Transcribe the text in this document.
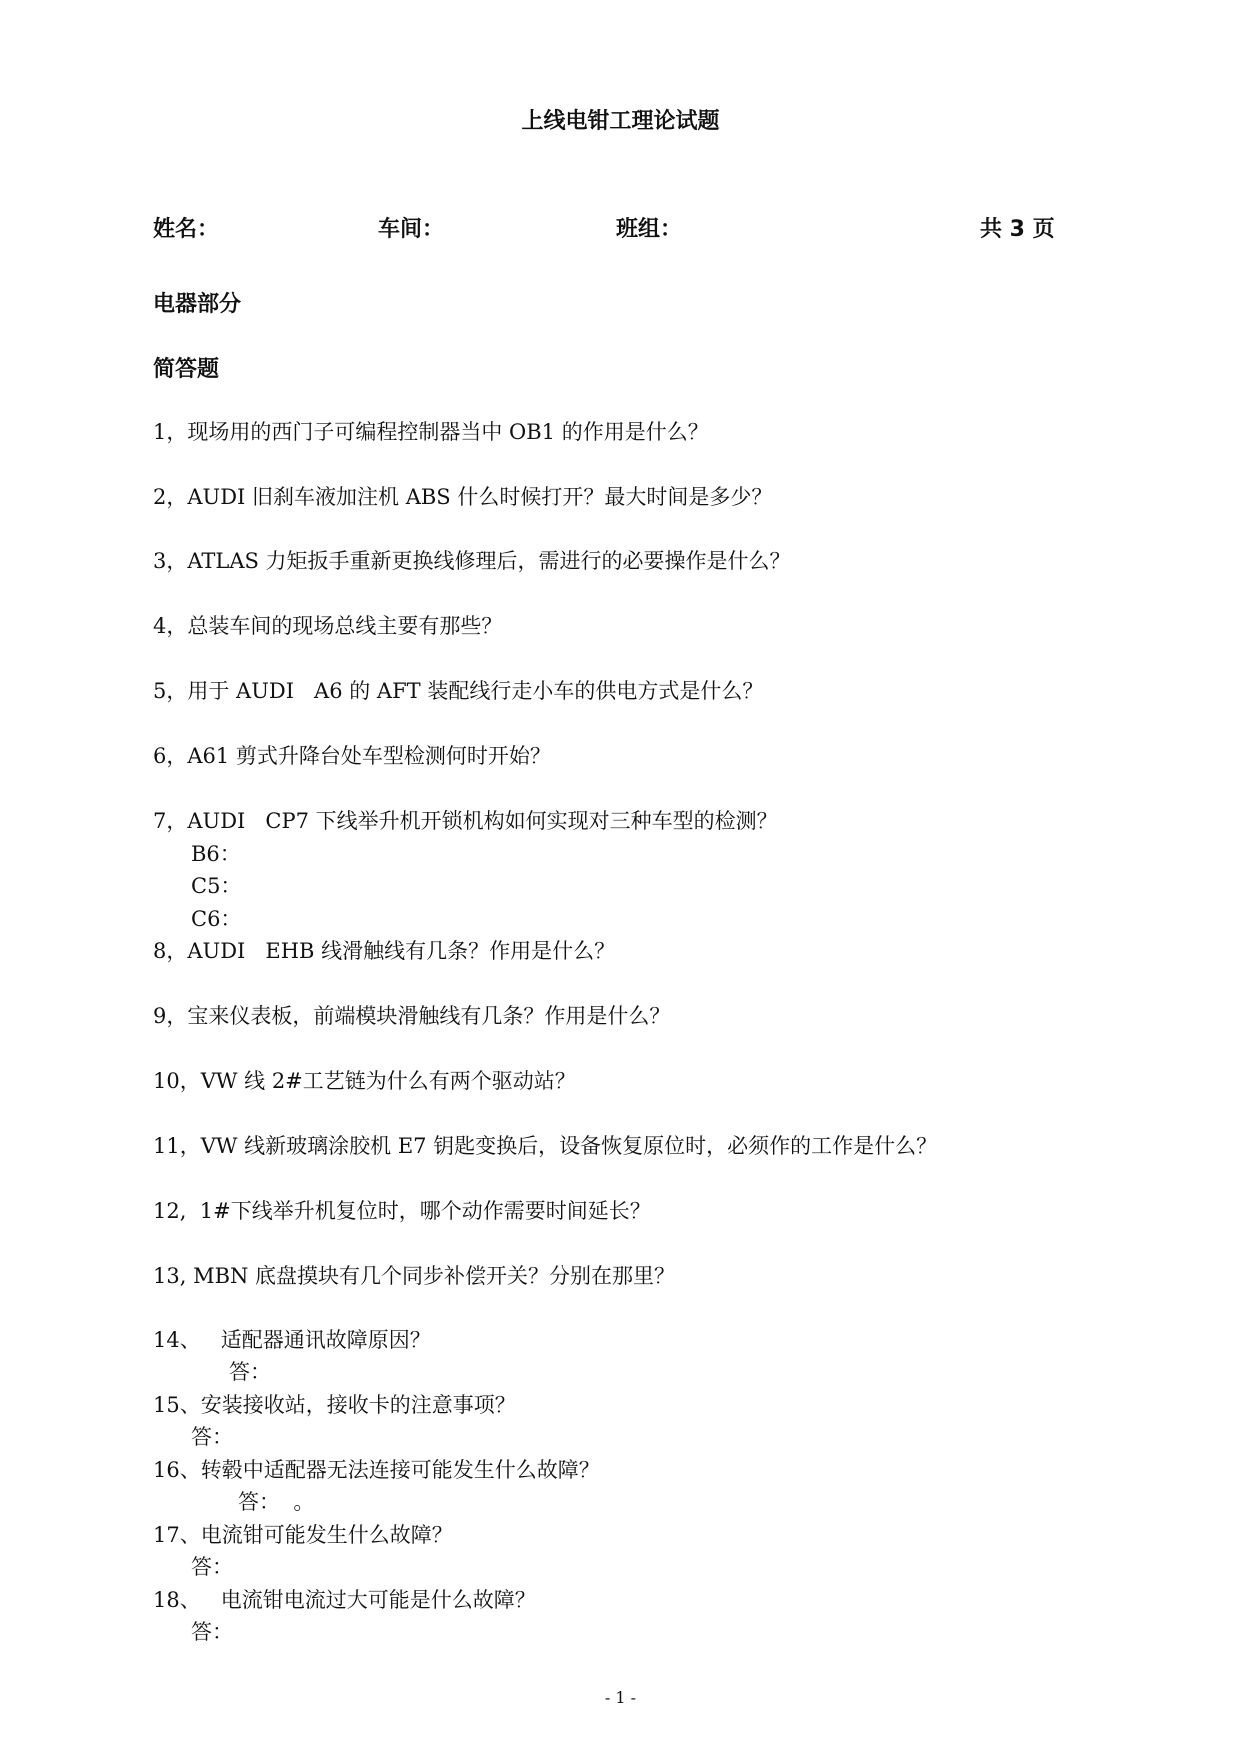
上线电钳工理论试题
姓名：	车间：	班组：	共 3 页
电器部分
简答题
1，现场用的西门子可编程控制器当中 OB1 的作用是什么？
2，AUDI 旧刹车液加注机 ABS 什么时候打开？最大时间是多少？
3，ATLAS 力矩扳手重新更换线修理后，需进行的必要操作是什么？
4，总装车间的现场总线主要有那些？
5，用于 AUDI   A6 的 AFT 装配线行走小车的供电方式是什么？
6，A61 剪式升降台处车型检测何时开始？
7，AUDI   CP7 下线举升机开锁机构如何实现对三种车型的检测？
B6：
C5：
C6：
8，AUDI   EHB 线滑触线有几条？作用是什么？
9，宝来仪表板，前端模块滑触线有几条？作用是什么？
10，VW 线 2#工艺链为什么有两个驱动站？
11，VW 线新玻璃涂胶机 E7 钥匙变换后，设备恢复原位时，必须作的工作是什么？
12,  1#下线举升机复位时，哪个动作需要时间延长？
13, MBN 底盘摸块有几个同步补偿开关？分别在那里？
14、   适配器通讯故障原因？
答：
15、安装接收站，接收卡的注意事项？
答：
16、转毂中适配器无法连接可能发生什么故障？
答：  。
17、电流钳可能发生什么故障？
答：
18、   电流钳电流过大可能是什么故障？
答：
- 1 -
